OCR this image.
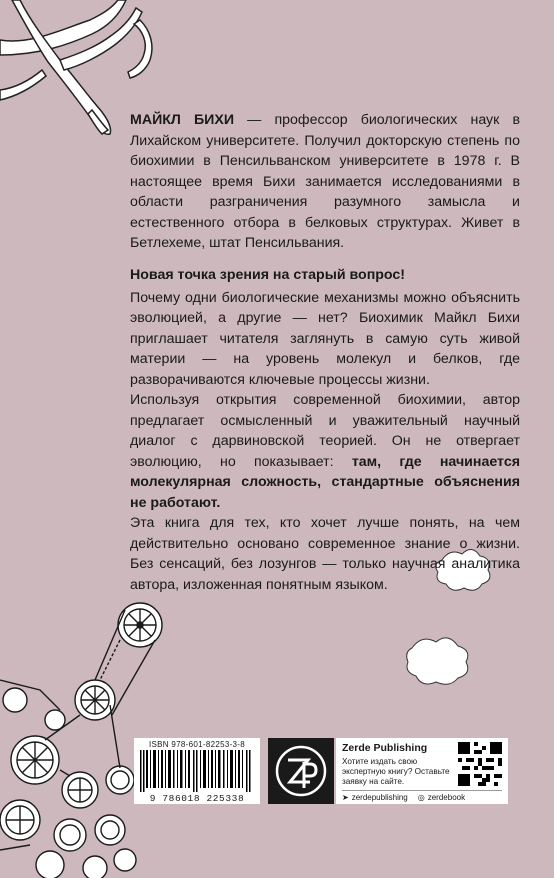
МАЙКЛ БИХИ — профессор биологических наук в Лихайском университете. Получил докторскую степень по биохимии в Пенсильванском университете в 1978 г. В настоящее время Бихи занимается исследованиями в области разграничения разумного замысла и естественного отбора в белковых структурах. Живет в Бетлехеме, штат Пенсильвания.

Новая точка зрения на старый вопрос!

Почему одни биологические механизмы можно объяснить эволюцией, а другие — нет? Биохимик Майкл Бихи приглашает читателя заглянуть в самую суть живой материи — на уровень молекул и белков, где разворачиваются ключевые процессы жизни.

Используя открытия современной биохимии, автор предлагает осмысленный и уважительный научный диалог с дарвиновской теорией. Он не отвергает эволюцию, но показывает: там, где начинается молекулярная сложность, стандартные объяснения не работают.

Эта книга для тех, кто хочет лучше понять, на чем действительно основано современное знание о жизни. Без сенсаций, без лозунгов — только научная аналитика автора, изложенная понятным языком.

ISBN 978-601-82253-3-8
9 786018 225338
Zerde Publishing
Хотите издать свою экспертную книгу? Оставьте заявку на сайте.
➤ zerdepublishing ◎ zerdebook
